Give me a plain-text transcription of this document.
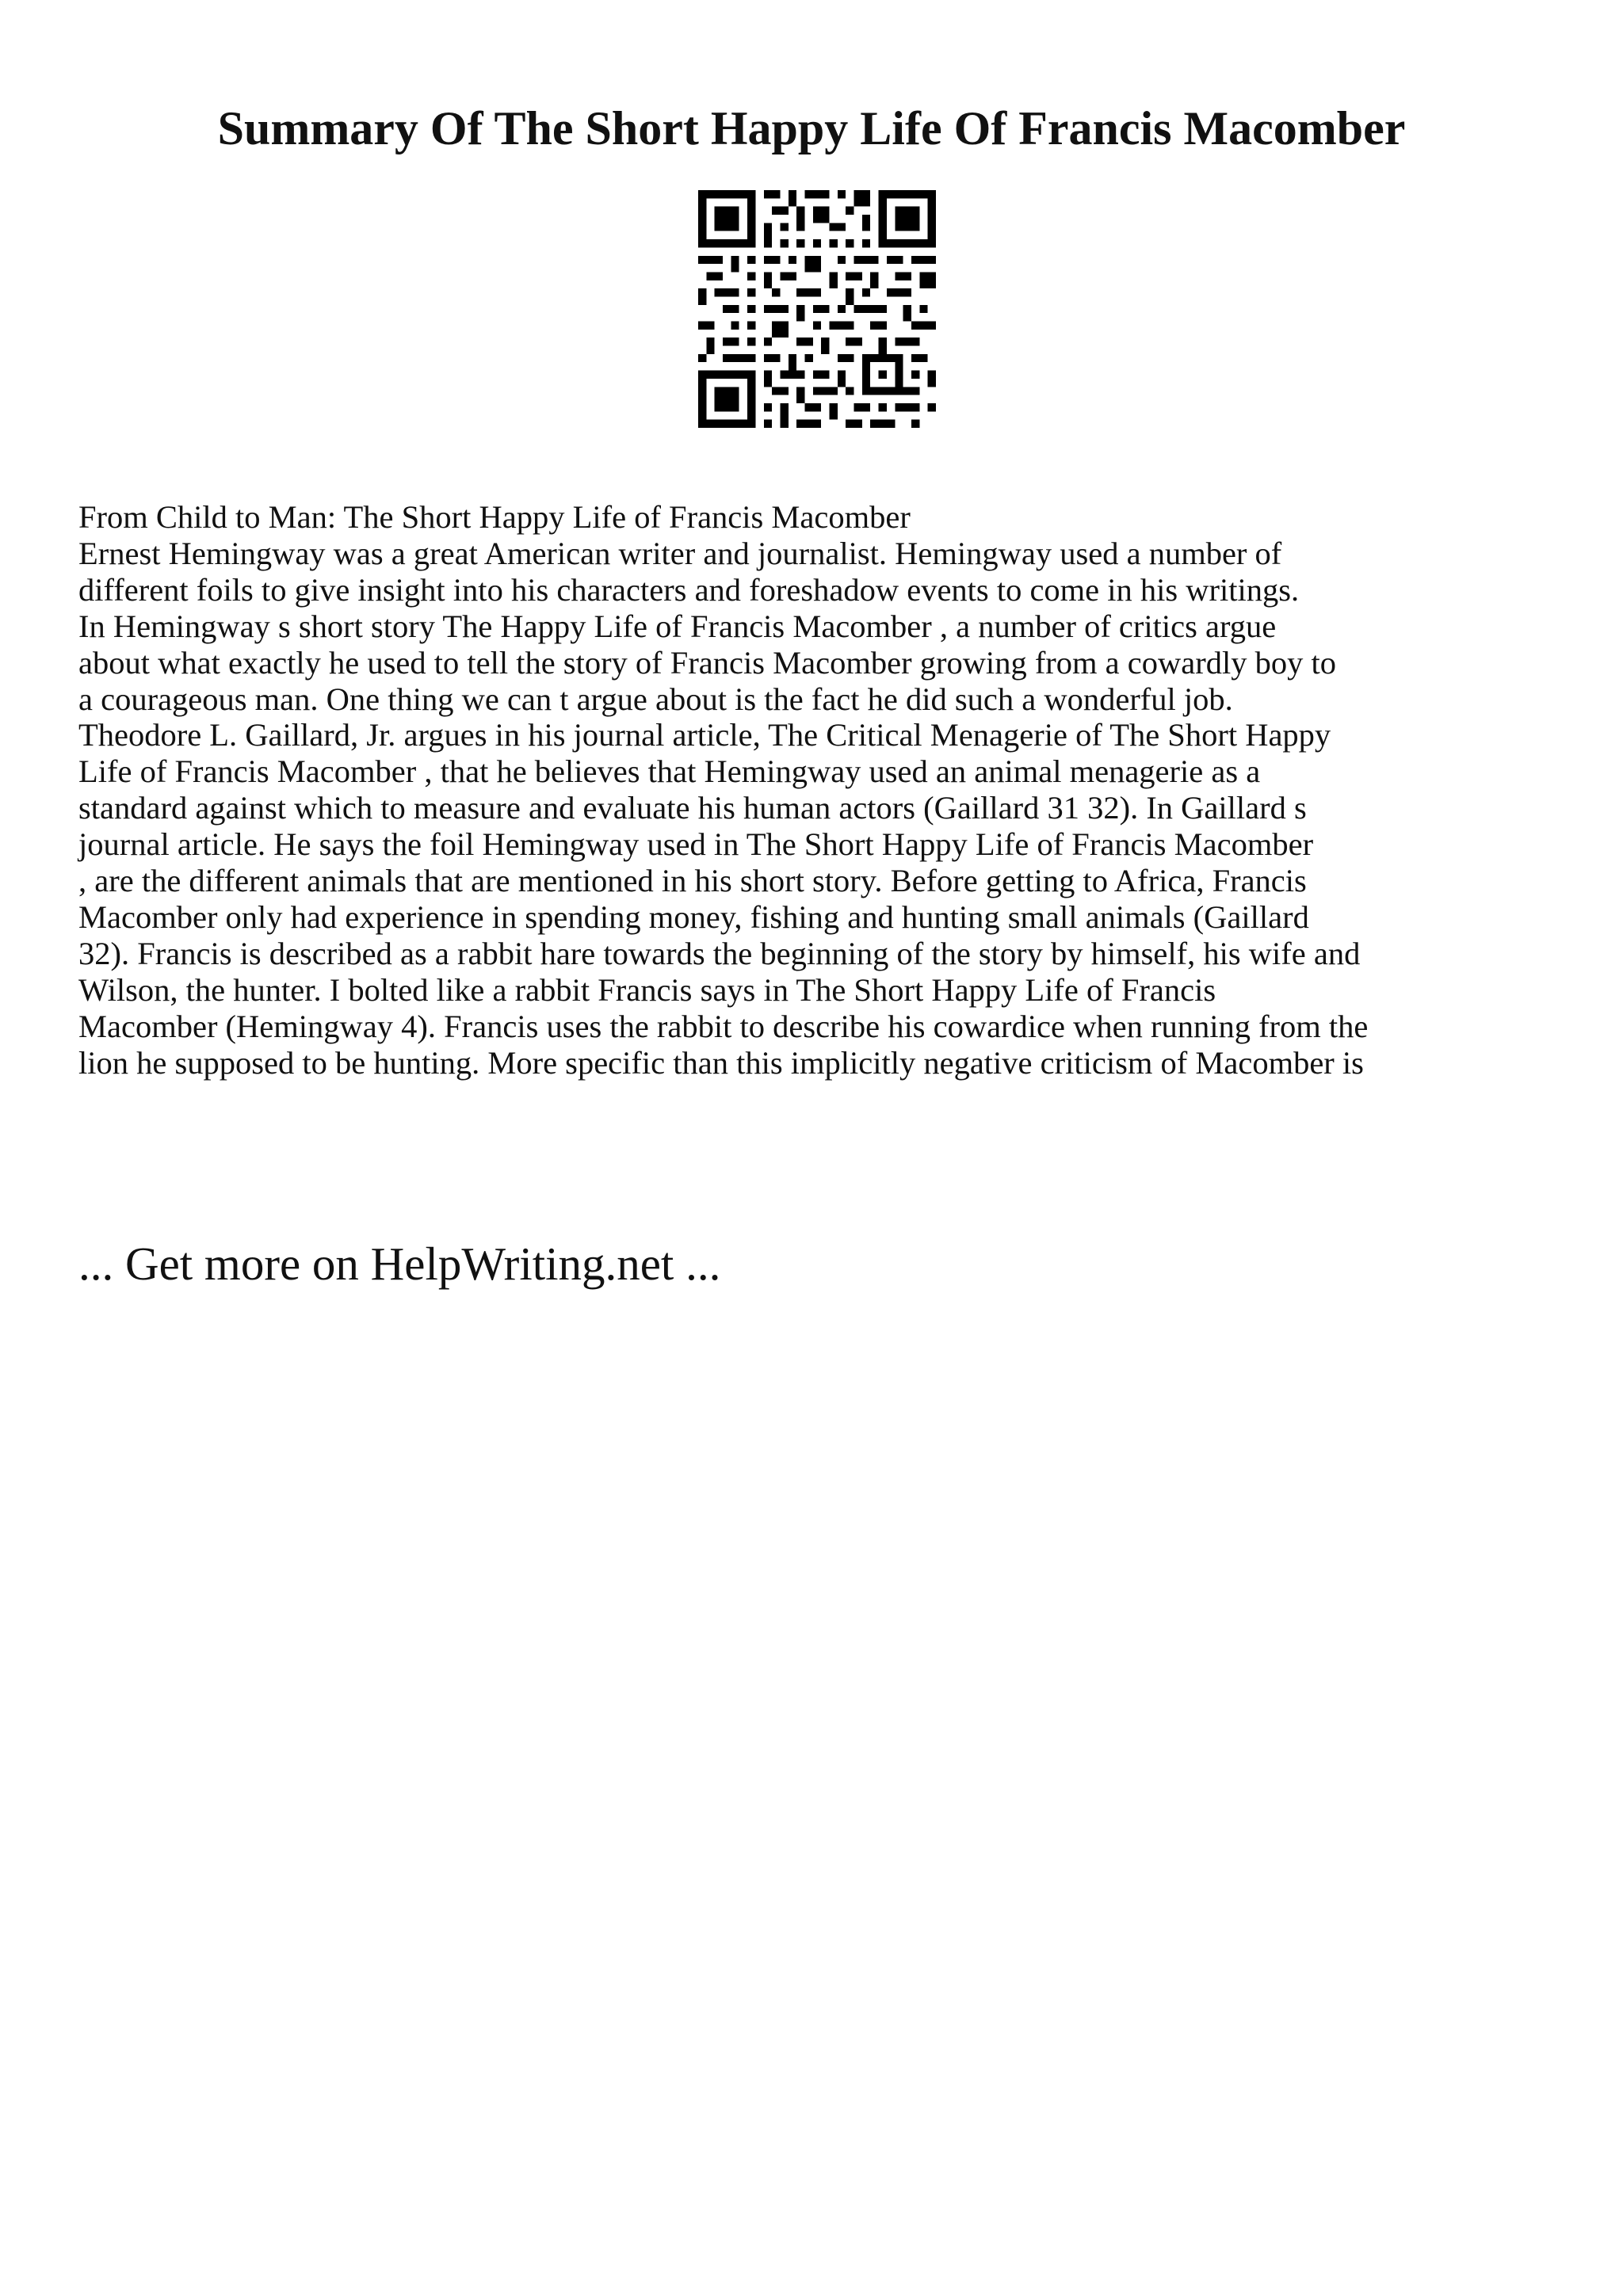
Summary Of The Short Happy Life Of Francis Macomber
From Child to Man: The Short Happy Life of Francis Macomber
Ernest Hemingway was a great American writer and journalist. Hemingway used a number of
different foils to give insight into his characters and foreshadow events to come in his writings.
In Hemingway s short story The Happy Life of Francis Macomber , a number of critics argue
about what exactly he used to tell the story of Francis Macomber growing from a cowardly boy to
a courageous man. One thing we can t argue about is the fact he did such a wonderful job.
Theodore L. Gaillard, Jr. argues in his journal article, The Critical Menagerie of The Short Happy
Life of Francis Macomber , that he believes that Hemingway used an animal menagerie as a
standard against which to measure and evaluate his human actors (Gaillard 31 32). In Gaillard s
journal article. He says the foil Hemingway used in The Short Happy Life of Francis Macomber
, are the different animals that are mentioned in his short story. Before getting to Africa, Francis
Macomber only had experience in spending money, fishing and hunting small animals (Gaillard
32). Francis is described as a rabbit hare towards the beginning of the story by himself, his wife and
Wilson, the hunter. I bolted like a rabbit Francis says in The Short Happy Life of Francis
Macomber (Hemingway 4). Francis uses the rabbit to describe his cowardice when running from the
lion he supposed to be hunting. More specific than this implicitly negative criticism of Macomber is
... Get more on HelpWriting.net ...
